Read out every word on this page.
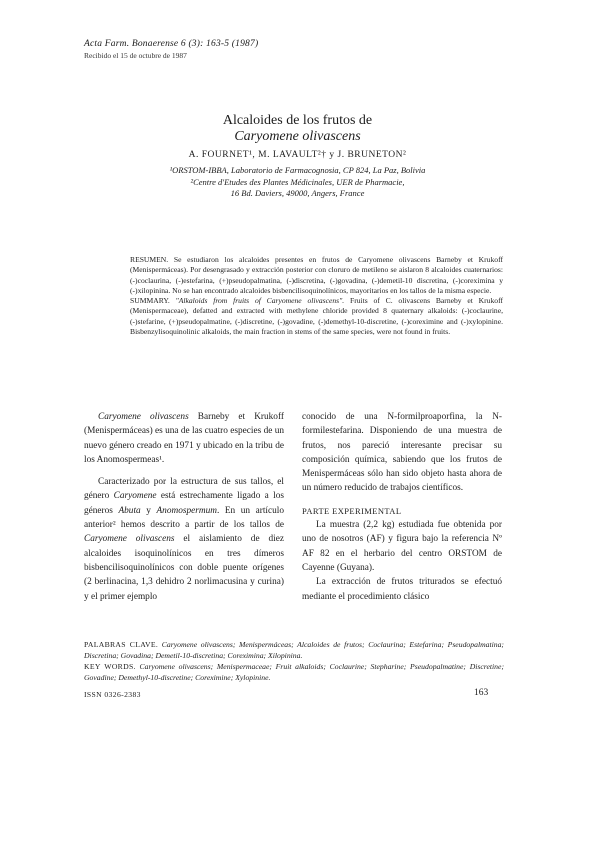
Acta Farm. Bonaerense 6 (3): 163-5 (1987)
Recibido el 15 de octubre de 1987
Alcaloides de los frutos de
Caryomene olivascens
A. FOURNET¹, M. LAVAULT²† y J. BRUNETON²
¹ORSTOM-IBBA, Laboratorio de Farmacognosia, CP 824, La Paz, Bolivia
²Centre d'Etudes des Plantes Médicinales, UER de Pharmacie,
16 Bd. Daviers, 49000, Angers, France

RESUMEN. Se estudiaron los alcaloides presentes en frutos de Caryomene olivascens Barneby et Krukoff (Menispermáceas). Por desengrasado y extracción posterior con cloruro de metileno se aislaron 8 alcaloides cuaternarios: (-)coclaurina, (-)estefarina, (+)pseudopalmatina, (-)discretina, (-)govadina, (-)demetil-10 discretina, (-)coreximina y (-)xilopinina. No se han encontrado alcaloides bisbencilisoquinolínicos, mayoritarios en los tallos de la misma especie.

SUMMARY. "Alkaloids from fruits of Caryomene olivascens". Fruits of C. olivascens Barneby et Krukoff (Menispermaceae), defatted and extracted with methylene chloride provided 8 quaternary alkaloids: (-)coclaurine, (-)stefarine, (+)pseudopalmatine, (-)discretine, (-)govadine, (-)demethyl-10-discretine, (-)coreximine and (-)xylopinine. Bisbenzylisoquinolinic alkaloids, the main fraction in stems of the same species, were not found in fruits.

Caryomene olivascens Barneby et Krukoff (Menispermáceas) es una de las cuatro especies de un nuevo género creado en 1971 y ubicado en la tribu de los Anomospermeas¹.

Caracterizado por la estructura de sus tallos, el género Caryomene está estrechamente ligado a los géneros Abuta y Anomospermum. En un artículo anterior² hemos descrito a partir de los tallos de Caryomene olivascens el aislamiento de diez alcaloides isoquinolínicos en tres dímeros bisbencilisoquinolínicos con doble puente orígenes (2 berlinacina, 1,3 dehidro 2 norlimacusina y curina) y el primer ejemplo

conocido de una N-formilproaporfina, la N-formilestefarina. Disponiendo de una muestra de frutos, nos pareció interesante precisar su composición química, sabiendo que los frutos de Menispermáceas sólo han sido objeto hasta ahora de un número reducido de trabajos científicos.

PARTE EXPERIMENTAL

La muestra (2,2 kg) estudiada fue obtenida por uno de nosotros (AF) y figura bajo la referencia Nº AF 82 en el herbario del centro ORSTOM de Cayenne (Guyana).

La extracción de frutos triturados se efectuó mediante el procedimiento clásico

PALABRAS CLAVE. Caryomene olivascens; Menispermáceas; Alcaloides de frutos; Coclaurina; Estefarina; Pseudopalmatina; Discretina; Govadina; Demetil-10-discretina; Coreximina; Xilopinina.

KEY WORDS. Caryomene olivascens; Menispermaceae; Fruit alkaloids; Coclaurine; Stepharine; Pseudopalmatine; Discretine; Govadine; Demethyl-10-discretine; Coreximine; Xylopinine.

ISSN 0326-2383	163
